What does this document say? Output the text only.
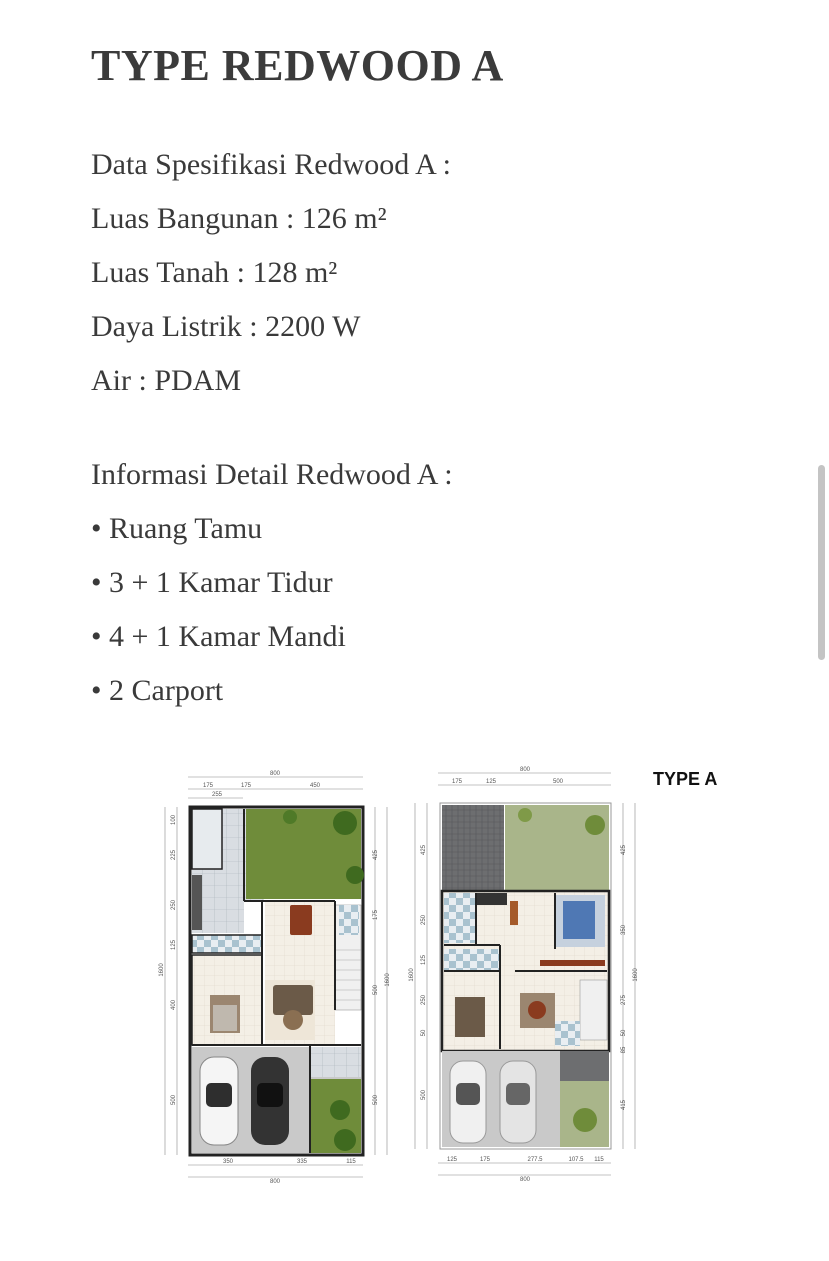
TYPE REDWOOD A
Data Spesifikasi Redwood A :
Luas Bangunan : 126 m²
Luas Tanah : 128 m²
Daya Listrik : 2200 W
Air : PDAM
Informasi Detail Redwood A :
• Ruang Tamu
• 3 + 1 Kamar Tidur
• 4 + 1 Kamar Mandi
• 2 Carport
TYPE A
800
175	175	450
255
350	335	115
800
100
225
250
125
400
500
1600
425
175
500
500
1600
800
175	125	500
125	175	277.5	107.5 115
800
425
250
125
250
50
500
1600
425
350
275
50
85
415
1600
